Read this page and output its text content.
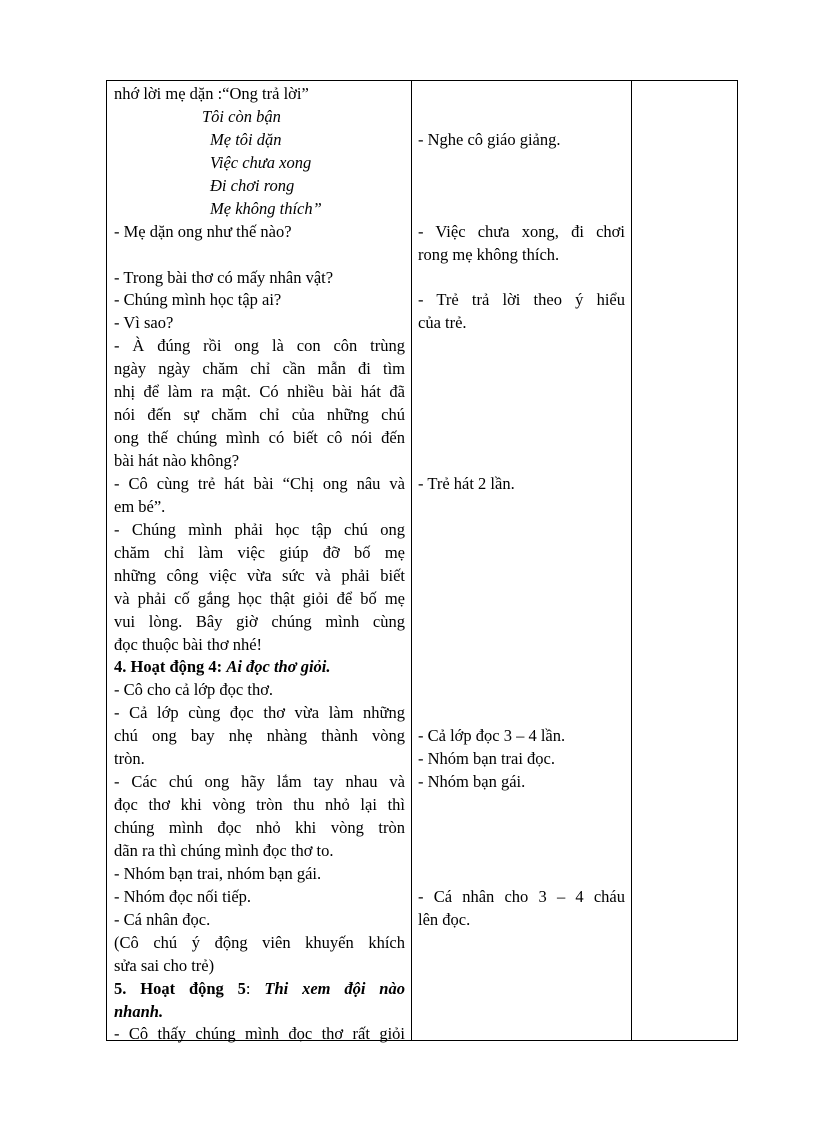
nhớ lời mẹ dặn :“Ong trả lời”
Tôi còn bận
Mẹ tôi dặn
Việc chưa xong
Đi chơi rong
Mẹ không thích”
- Mẹ dặn ong như thế nào?
- Trong bài thơ có mấy nhân vật?
- Chúng mình học tập ai?
- Vì sao?
- À đúng rồi ong là con côn trùng
ngày ngày chăm chỉ cần mẫn đi tìm
nhị để làm ra mật. Có nhiều bài hát đã
nói đến sự chăm chỉ của những chú
ong thế chúng mình có biết cô nói đến
bài hát nào không?
- Cô cùng trẻ hát bài “Chị ong nâu và
em bé”.
- Chúng mình phải học tập chú ong
chăm chỉ làm việc giúp đỡ bố mẹ
những công việc vừa sức và phải biết
và phải cố gắng học thật giỏi để bố mẹ
vui lòng. Bây giờ chúng mình cùng
đọc thuộc bài thơ nhé!
4. Hoạt động 4: Ai đọc thơ giỏi.
- Cô cho cả lớp đọc thơ.
- Cả lớp cùng đọc thơ vừa làm những
chú ong bay nhẹ nhàng thành vòng
tròn.
- Các chú ong hãy lắm tay nhau và
đọc thơ khi vòng tròn thu nhỏ lại thì
chúng mình đọc nhỏ khi vòng tròn
dãn ra thì chúng mình đọc thơ to.
- Nhóm bạn trai, nhóm bạn gái.
- Nhóm đọc nối tiếp.
- Cá nhân đọc.
(Cô chú ý động viên khuyến khích
sửa sai cho trẻ)
5. Hoạt động 5: Thi xem đội nào
nhanh.
- Cô thấy chúng mình đọc thơ rất giỏi
- Nghe cô giáo giảng.
- Việc chưa xong, đi chơi
rong mẹ không thích.
- Trẻ trả lời theo ý hiểu
của trẻ.
- Trẻ hát 2 lần.
- Cả lớp đọc 3 – 4 lần.
- Nhóm bạn trai đọc.
- Nhóm bạn gái.
- Cá nhân cho 3 – 4 cháu
lên đọc.
